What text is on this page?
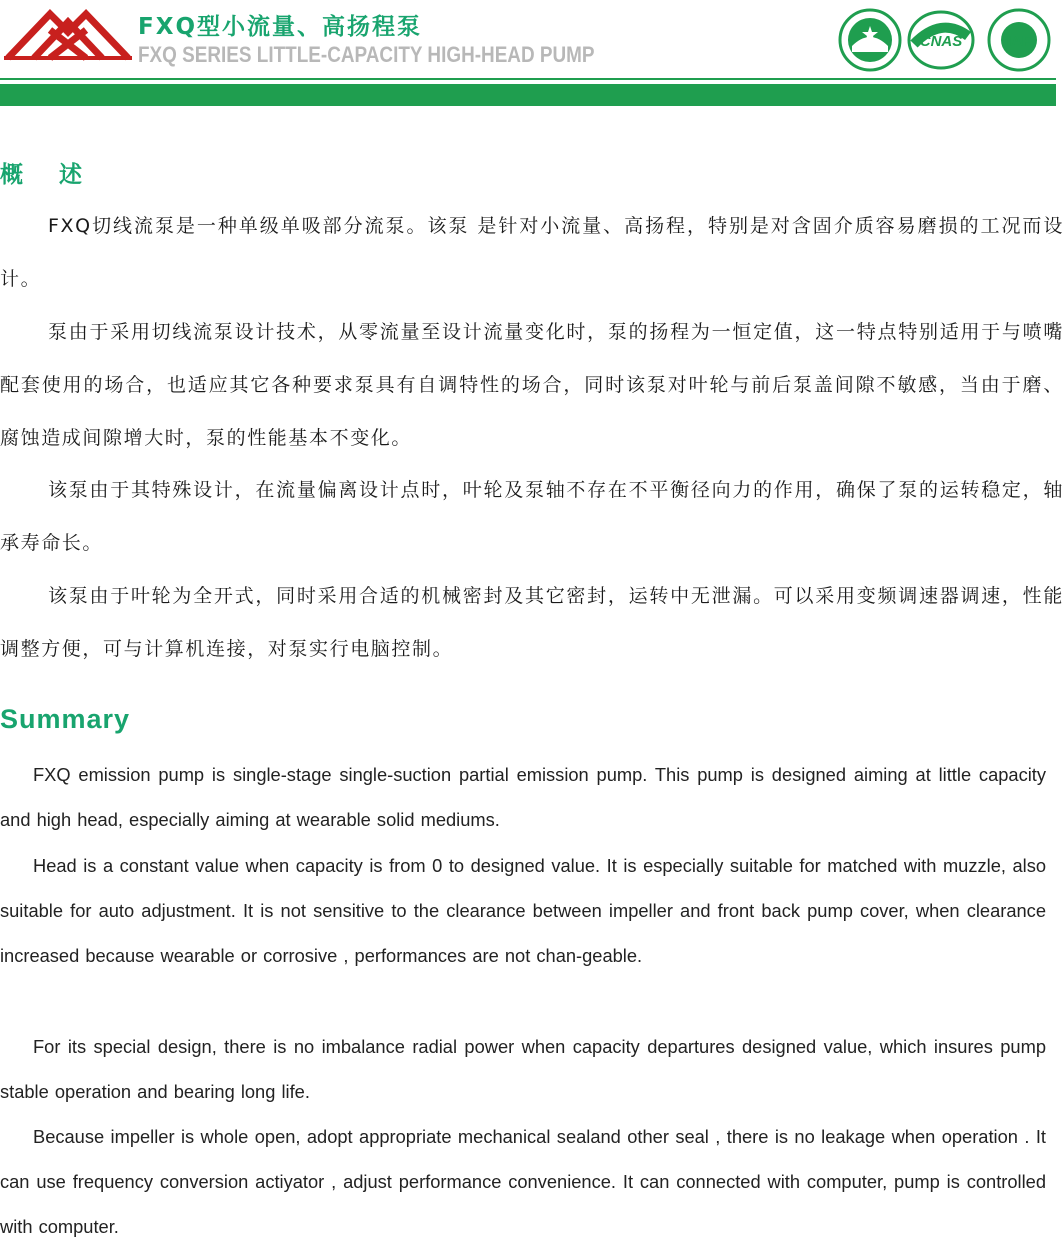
FXQ型小流量、高扬程泵
FXQ SERIES LITTLE-CAPACITY HIGH-HEAD PUMP
CNAS	IAF
概 述
FXQ切线流泵是一种单级单吸部分流泵。该泵 是针对小流量、高扬程，特别是对含固介质容易磨损的工况而设计。
泵由于采用切线流泵设计技术，从零流量至设计流量变化时，泵的扬程为一恒定值，这一特点特别适用于与喷嘴配套使用的场合，也适应其它各种要求泵具有自调特性的场合，同时该泵对叶轮与前后泵盖间隙不敏感，当由于磨、腐蚀造成间隙增大时，泵的性能基本不变化。
该泵由于其特殊设计，在流量偏离设计点时，叶轮及泵轴不存在不平衡径向力的作用，确保了泵的运转稳定，轴承寿命长。
该泵由于叶轮为全开式，同时采用合适的机械密封及其它密封，运转中无泄漏。可以采用变频调速器调速，性能调整方便，可与计算机连接，对泵实行电脑控制。
Summary
FXQ emission pump is single-stage single-suction partial emission pump. This pump is designed aiming at little capacity and high head, especially aiming at wearable solid mediums.
Head is a constant value when capacity is from 0 to designed value. It is especially suitable for matched with muzzle, also suitable for auto adjustment. It is not sensitive to the clearance between impeller and front back pump cover, when clearance increased because wearable or corrosive , performances are not chan-geable.
For its special design, there is no imbalance radial power when capacity departures designed value, which insures pump stable operation and bearing long life.
Because impeller is whole open, adopt appropriate mechanical sealand other seal , there is no leakage when operation . It can use frequency conversion actiyator , adjust performance convenience. It can connected with computer, pump is controlled with computer.
